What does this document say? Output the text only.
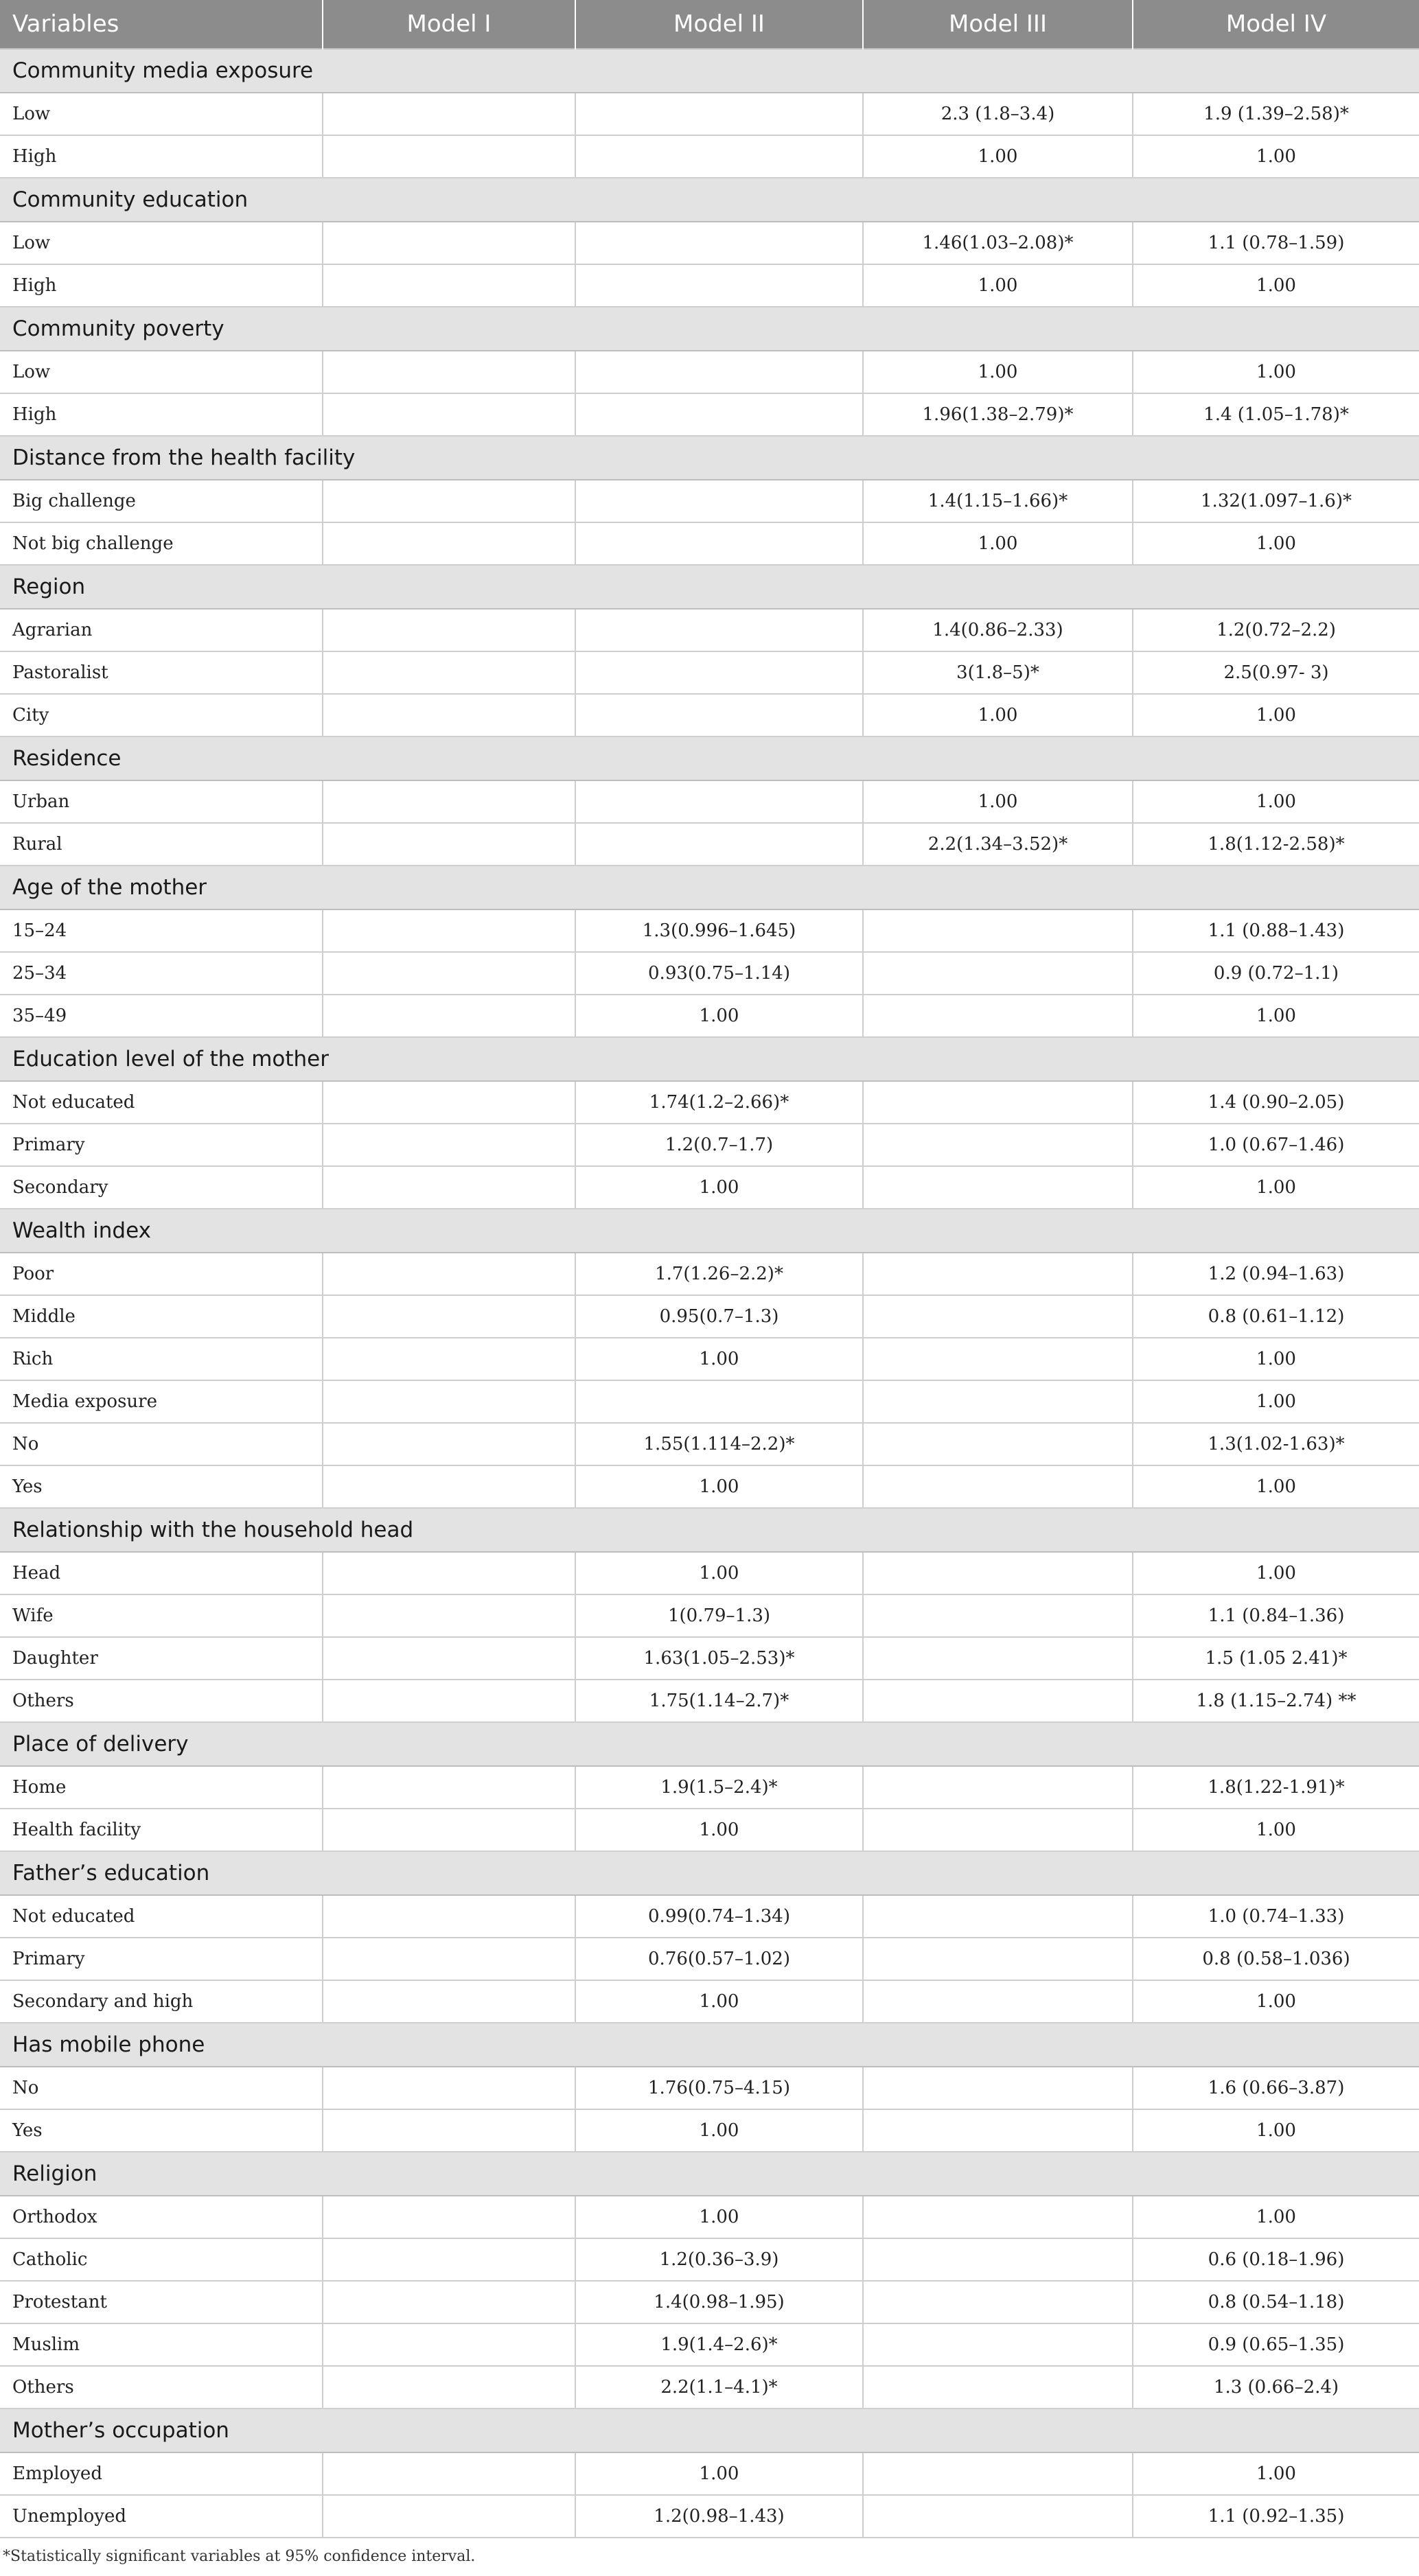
Variables	Model I	Model II	Model III	Model IV
Community media exposure				
Low			2.3 (1.8–3.4)	1.9 (1.39–2.58)*
High			1.00	1.00
Community education				
Low			1.46(1.03–2.08)*	1.1 (0.78–1.59)
High			1.00	1.00
Community poverty				
Low			1.00	1.00
High			1.96(1.38–2.79)*	1.4 (1.05–1.78)*
Distance from the health facility				
Big challenge			1.4(1.15–1.66)*	1.32(1.097–1.6)*
Not big challenge			1.00	1.00
Region				
Agrarian			1.4(0.86–2.33)	1.2(0.72–2.2)
Pastoralist			3(1.8–5)*	2.5(0.97- 3)
City			1.00	1.00
Residence				
Urban			1.00	1.00
Rural			2.2(1.34–3.52)*	1.8(1.12-2.58)*
Age of the mother				
15–24		1.3(0.996–1.645)		1.1 (0.88–1.43)
25–34		0.93(0.75–1.14)		0.9 (0.72–1.1)
35–49		1.00		1.00
Education level of the mother				
Not educated		1.74(1.2–2.66)*		1.4 (0.90–2.05)
Primary		1.2(0.7–1.7)		1.0 (0.67–1.46)
Secondary		1.00		1.00
Wealth index				
Poor		1.7(1.26–2.2)*		1.2 (0.94–1.63)
Middle		0.95(0.7–1.3)		0.8 (0.61–1.12)
Rich		1.00		1.00
Media exposure				1.00
No		1.55(1.114–2.2)*		1.3(1.02-1.63)*
Yes		1.00		1.00
Relationship with the household head				
Head		1.00		1.00
Wife		1(0.79–1.3)		1.1 (0.84–1.36)
Daughter		1.63(1.05–2.53)*		1.5 (1.05 2.41)*
Others		1.75(1.14–2.7)*		1.8 (1.15–2.74) **
Place of delivery				
Home		1.9(1.5–2.4)*		1.8(1.22-1.91)*
Health facility		1.00		1.00
Father’s education				
Not educated		0.99(0.74–1.34)		1.0 (0.74–1.33)
Primary		0.76(0.57–1.02)		0.8 (0.58–1.036)
Secondary and high		1.00		1.00
Has mobile phone				
No		1.76(0.75–4.15)		1.6 (0.66–3.87)
Yes		1.00		1.00
Religion				
Orthodox		1.00		1.00
Catholic		1.2(0.36–3.9)		0.6 (0.18–1.96)
Protestant		1.4(0.98–1.95)		0.8 (0.54–1.18)
Muslim		1.9(1.4–2.6)*		0.9 (0.65–1.35)
Others		2.2(1.1–4.1)*		1.3 (0.66–2.4)
Mother’s occupation				
Employed		1.00		1.00
Unemployed		1.2(0.98–1.43)		1.1 (0.92–1.35)
*Statistically significant variables at 95% confidence interval.
